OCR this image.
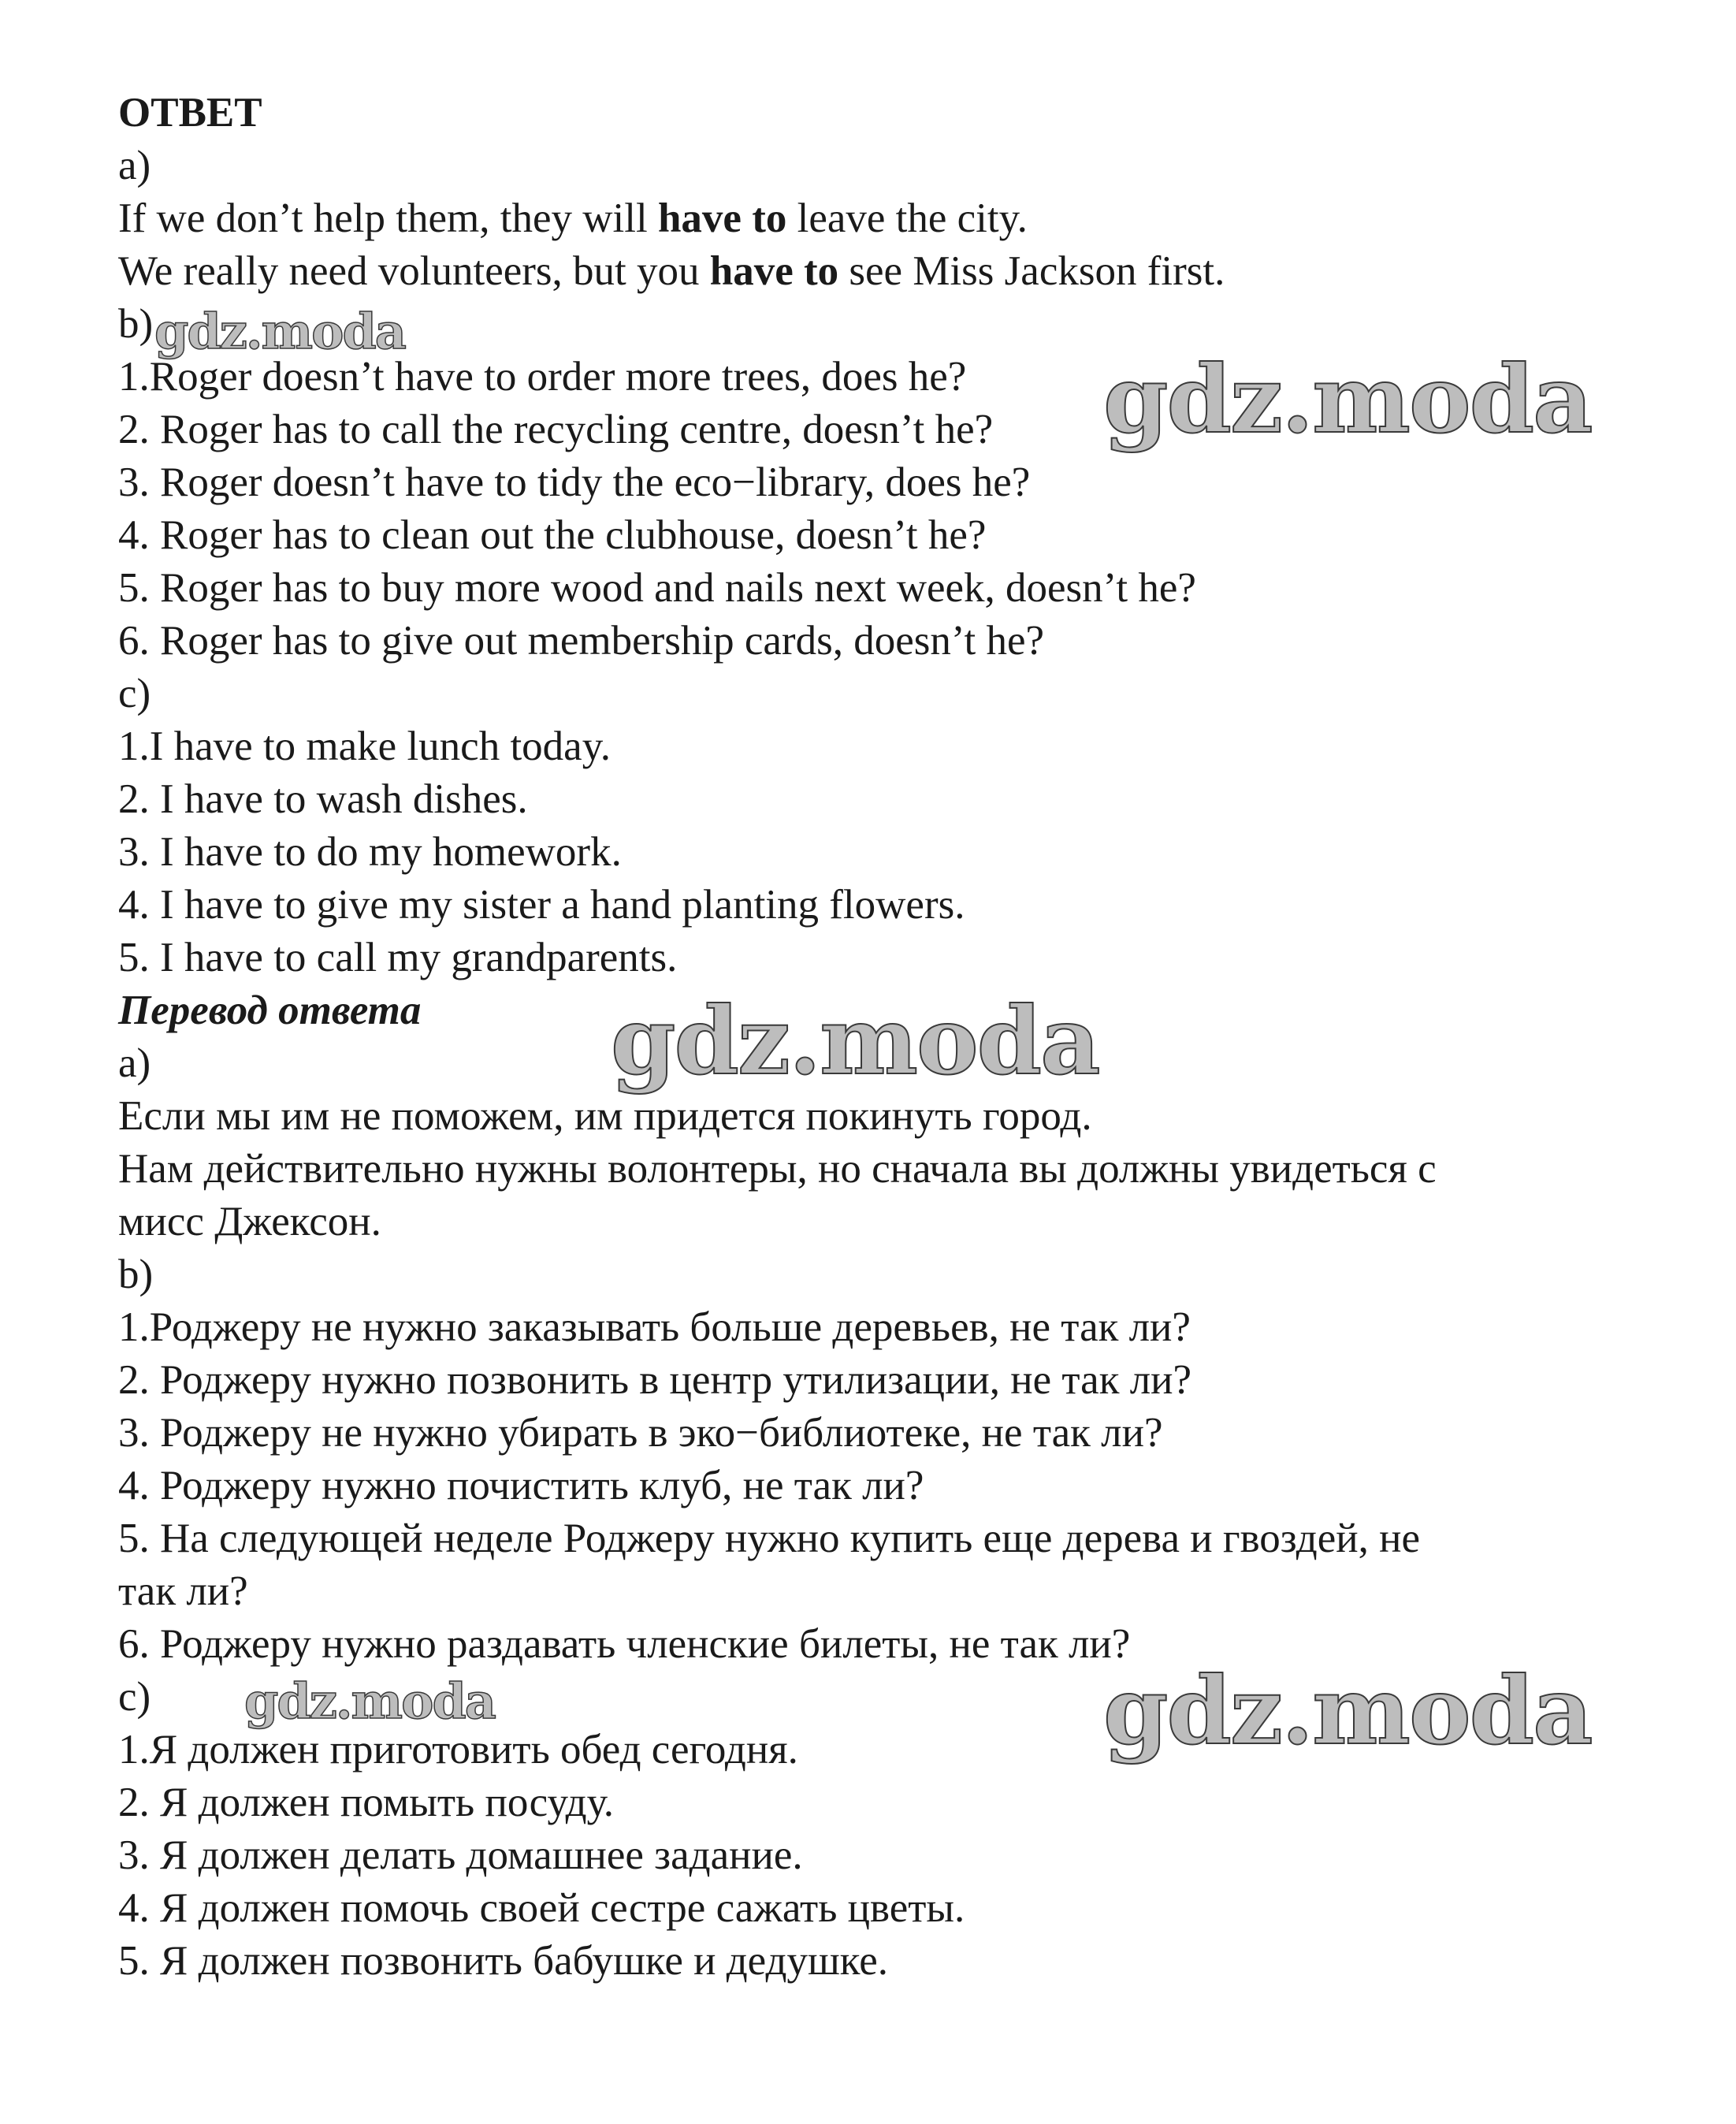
ОТВЕТ
a)
If we don’t help them, they will have to leave the city.
We really need volunteers, but you have to see Miss Jackson first.
b)
1.Roger doesn’t have to order more trees, does he?
2. Roger has to call the recycling centre, doesn’t he?
3. Roger doesn’t have to tidy the eco−library, does he?
4. Roger has to clean out the clubhouse, doesn’t he?
5. Roger has to buy more wood and nails next week, doesn’t he?
6. Roger has to give out membership cards, doesn’t he?
c)
1.I have to make lunch today.
2. I have to wash dishes.
3. I have to do my homework.
4. I have to give my sister a hand planting flowers.
5. I have to call my grandparents.
Перевод ответа
a)
Если мы им не поможем, им придется покинуть город.
Нам действительно нужны волонтеры, но сначала вы должны увидеться с
мисс Джексон.
b)
1.Роджеру не нужно заказывать больше деревьев, не так ли?
2. Роджеру нужно позвонить в центр утилизации, не так ли?
3. Роджеру не нужно убирать в эко−библиотеке, не так ли?
4. Роджеру нужно почистить клуб, не так ли?
5. На следующей неделе Роджеру нужно купить еще дерева и гвоздей, не
так ли?
6. Роджеру нужно раздавать членские билеты, не так ли?
c)
1.Я должен приготовить обед сегодня.
2. Я должен помыть посуду.
3. Я должен делать домашнее задание.
4. Я должен помочь своей сестре сажать цветы.
5. Я должен позвонить бабушке и дедушке.
gdz.moda
gdz.moda
gdz.moda
gdz.moda	gdz.moda
